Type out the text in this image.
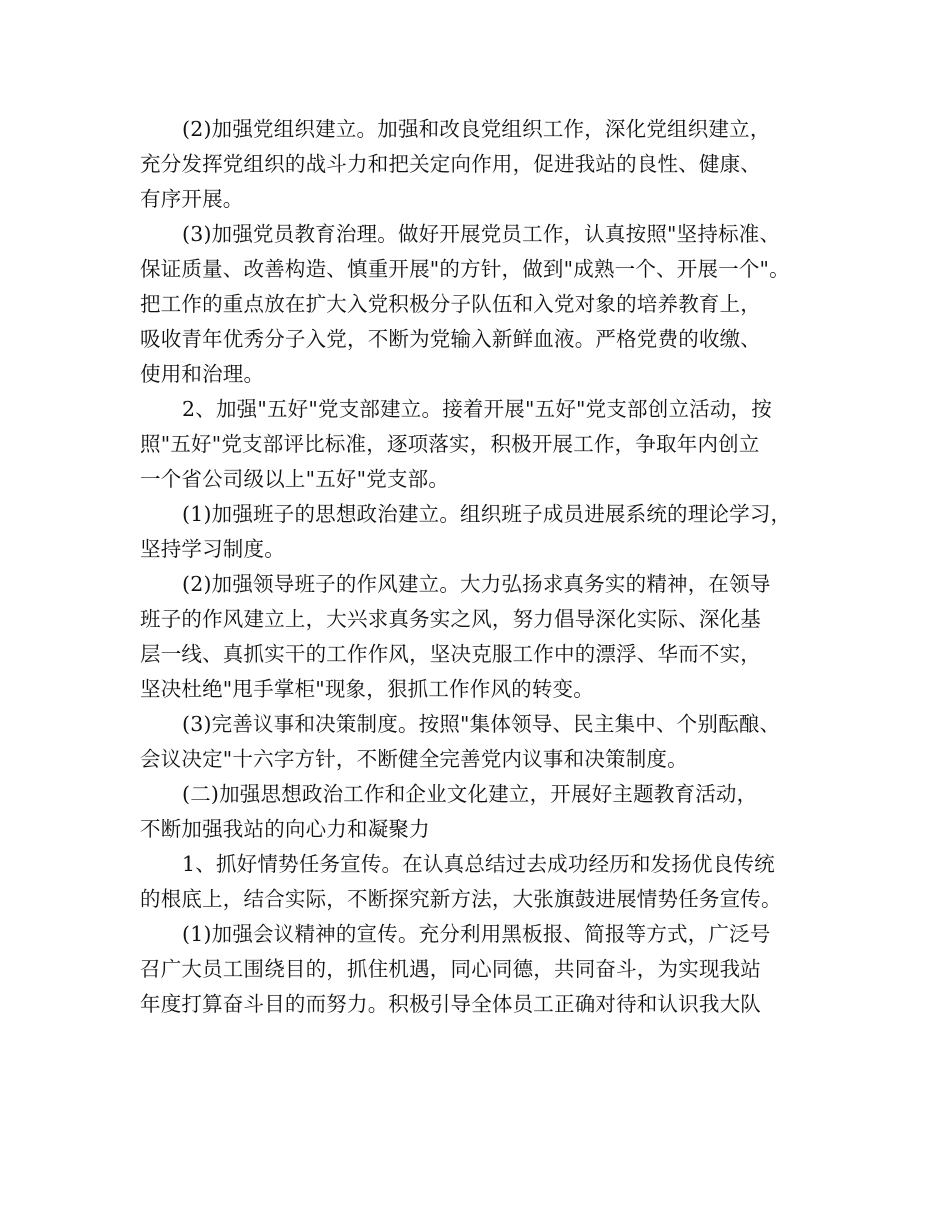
(2)加强党组织建立。加强和改良党组织工作，深化党组织建立，
充分发挥党组织的战斗力和把关定向作用，促进我站的良性、健康、
有序开展。

(3)加强党员教育治理。做好开展党员工作，认真按照"坚持标准、
保证质量、改善构造、慎重开展"的方针，做到"成熟一个、开展一个"。
把工作的重点放在扩大入党积极分子队伍和入党对象的培养教育上，
吸收青年优秀分子入党，不断为党输入新鲜血液。严格党费的收缴、
使用和治理。

2、加强"五好"党支部建立。接着开展"五好"党支部创立活动，按
照"五好"党支部评比标准，逐项落实，积极开展工作，争取年内创立
一个省公司级以上"五好"党支部。

(1)加强班子的思想政治建立。组织班子成员进展系统的理论学习，
坚持学习制度。

(2)加强领导班子的作风建立。大力弘扬求真务实的精神，在领导
班子的作风建立上，大兴求真务实之风，努力倡导深化实际、深化基
层一线、真抓实干的工作作风，坚决克服工作中的漂浮、华而不实，
坚决杜绝"甩手掌柜"现象，狠抓工作作风的转变。

(3)完善议事和决策制度。按照"集体领导、民主集中、个别酝酿、
会议决定"十六字方针，不断健全完善党内议事和决策制度。

(二)加强思想政治工作和企业文化建立，开展好主题教育活动，
不断加强我站的向心力和凝聚力

1、抓好情势任务宣传。在认真总结过去成功经历和发扬优良传统
的根底上，结合实际，不断探究新方法，大张旗鼓进展情势任务宣传。

(1)加强会议精神的宣传。充分利用黑板报、简报等方式，广泛号
召广大员工围绕目的，抓住机遇，同心同德，共同奋斗，为实现我站
年度打算奋斗目的而努力。积极引导全体员工正确对待和认识我大队
